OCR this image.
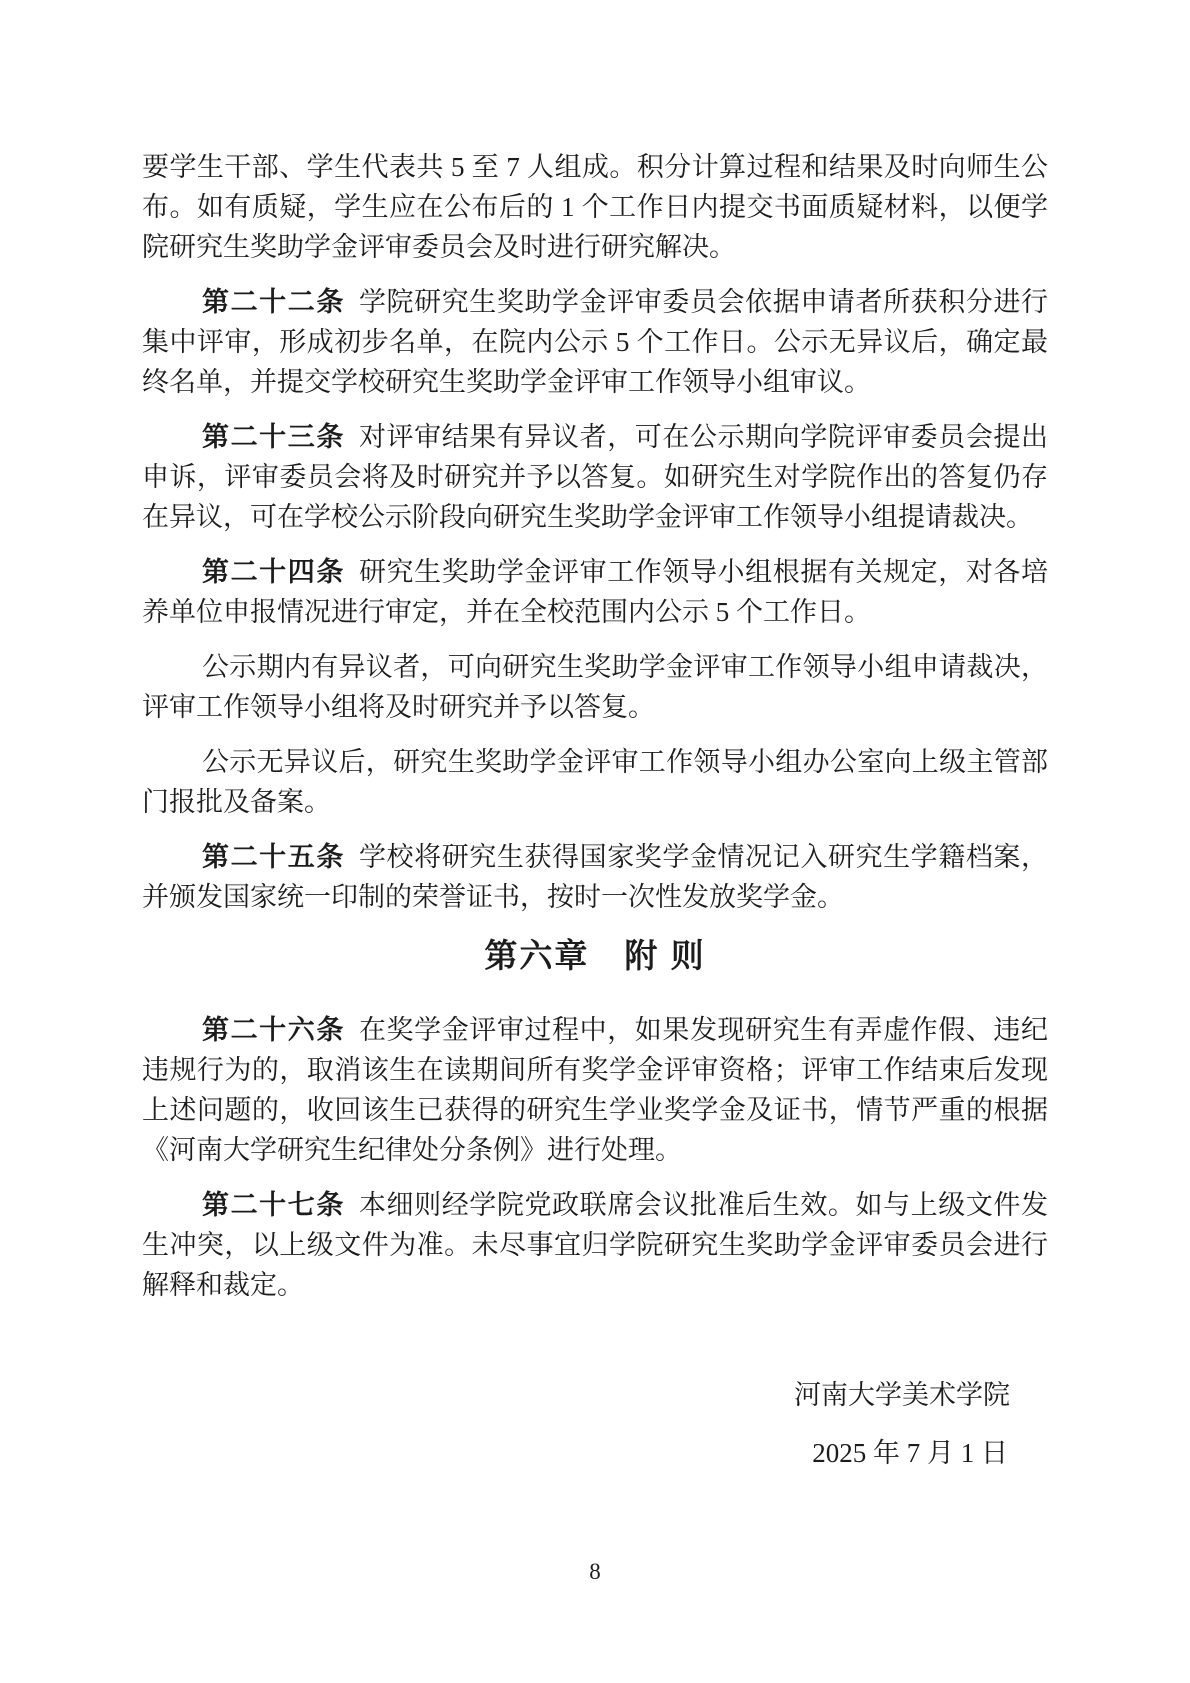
要学生干部、学生代表共 5 至 7 人组成。积分计算过程和结果及时向师生公布。如有质疑，学生应在公布后的 1 个工作日内提交书面质疑材料，以便学院研究生奖助学金评审委员会及时进行研究解决。

第二十二条 学院研究生奖助学金评审委员会依据申请者所获积分进行集中评审，形成初步名单，在院内公示 5 个工作日。公示无异议后，确定最终名单，并提交学校研究生奖助学金评审工作领导小组审议。

第二十三条 对评审结果有异议者，可在公示期向学院评审委员会提出申诉，评审委员会将及时研究并予以答复。如研究生对学院作出的答复仍存在异议，可在学校公示阶段向研究生奖助学金评审工作领导小组提请裁决。

第二十四条 研究生奖助学金评审工作领导小组根据有关规定，对各培养单位申报情况进行审定，并在全校范围内公示 5 个工作日。

公示期内有异议者，可向研究生奖助学金评审工作领导小组申请裁决，评审工作领导小组将及时研究并予以答复。

公示无异议后，研究生奖助学金评审工作领导小组办公室向上级主管部门报批及备案。

第二十五条 学校将研究生获得国家奖学金情况记入研究生学籍档案，并颁发国家统一印制的荣誉证书，按时一次性发放奖学金。

第六章　附 则

第二十六条 在奖学金评审过程中，如果发现研究生有弄虚作假、违纪违规行为的，取消该生在读期间所有奖学金评审资格；评审工作结束后发现上述问题的，收回该生已获得的研究生学业奖学金及证书，情节严重的根据《河南大学研究生纪律处分条例》进行处理。

第二十七条 本细则经学院党政联席会议批准后生效。如与上级文件发生冲突，以上级文件为准。未尽事宜归学院研究生奖助学金评审委员会进行解释和裁定。

河南大学美术学院
2025 年 7 月 1 日
8
